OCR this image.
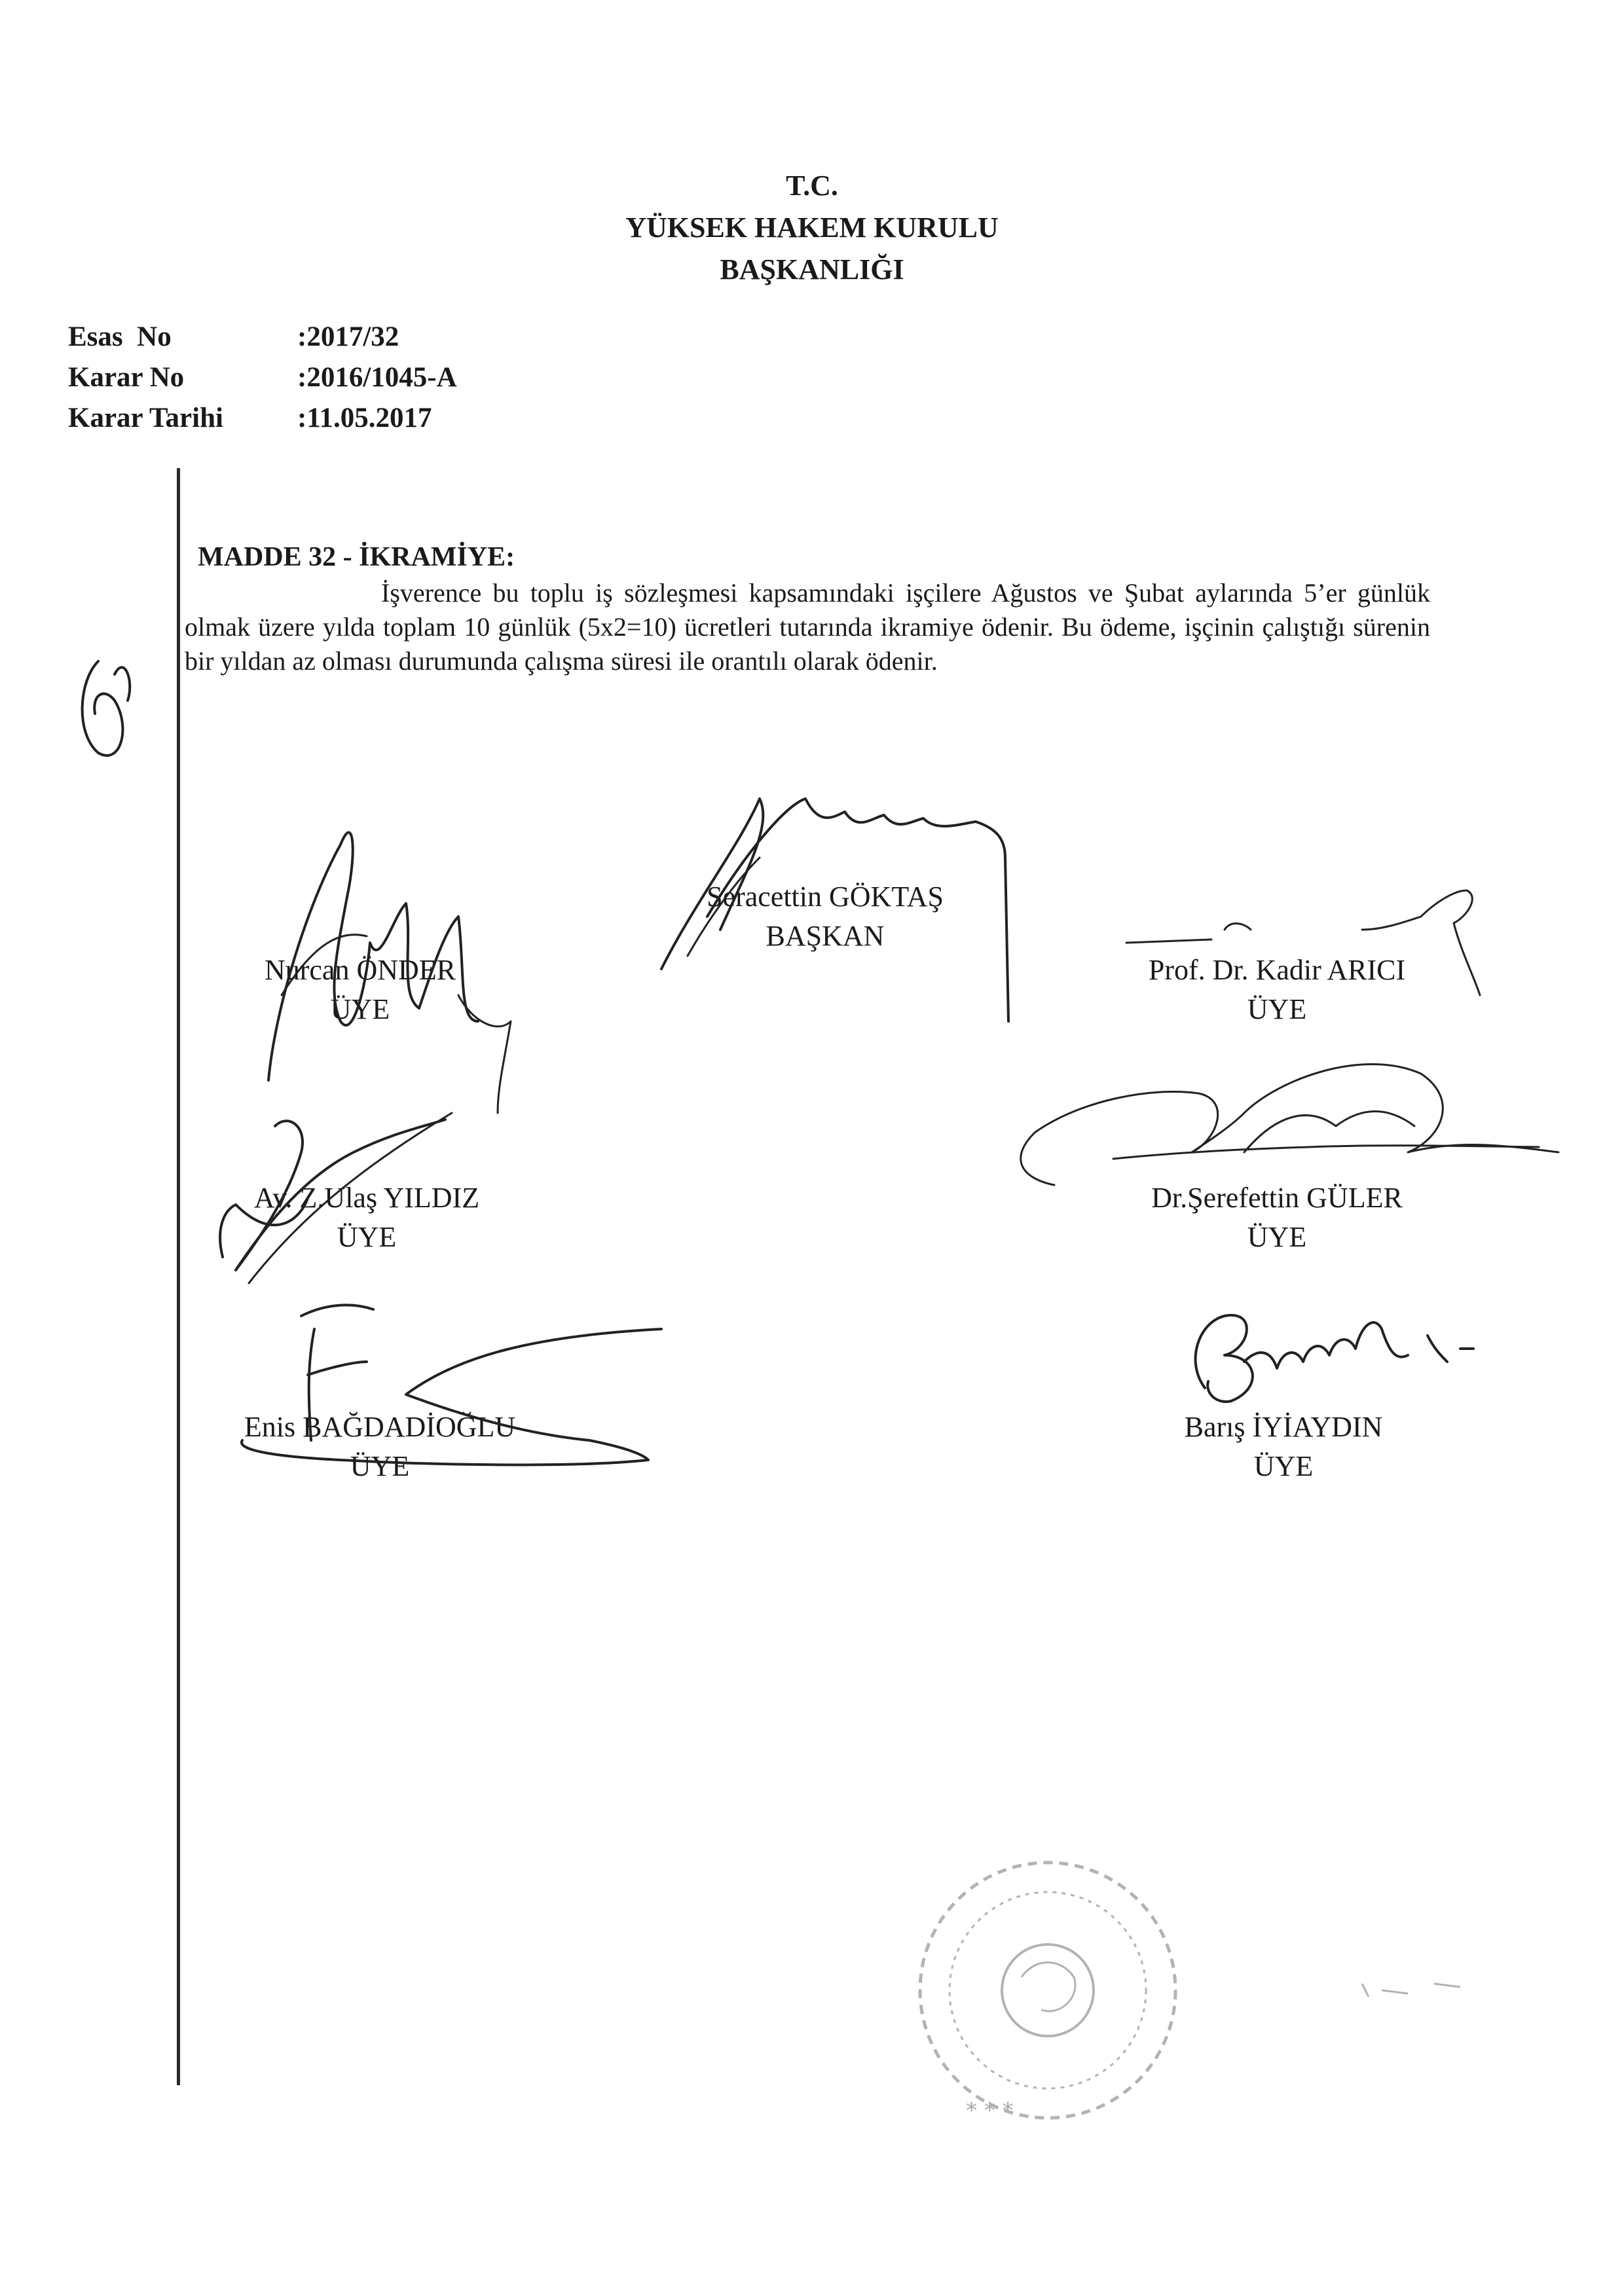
T.C.
YÜKSEK HAKEM KURULU
BAŞKANLIĞI
Esas  No	:2017/32
Karar No	:2016/1045-A
Karar Tarihi	:11.05.2017
MADDE 32 - İKRAMİYE:
İşverence bu toplu iş sözleşmesi kapsamındaki işçilere Ağustos ve Şubat aylarında 5’er günlük olmak üzere yılda toplam 10 günlük (5x2=10) ücretleri tutarında ikramiye ödenir. Bu ödeme, işçinin çalıştığı sürenin bir yıldan az olması durumunda çalışma süresi ile orantılı olarak ödenir.
Seracettin GÖKTAŞ
BAŞKAN
Nurcan ÖNDER
ÜYE
Prof. Dr. Kadir ARICI
ÜYE
Av. Z.Ulaş YILDIZ
ÜYE
Dr.Şerefettin GÜLER
ÜYE
Enis BAĞDADİOĞLU
ÜYE
Barış İYİAYDIN
ÜYE
* * *
